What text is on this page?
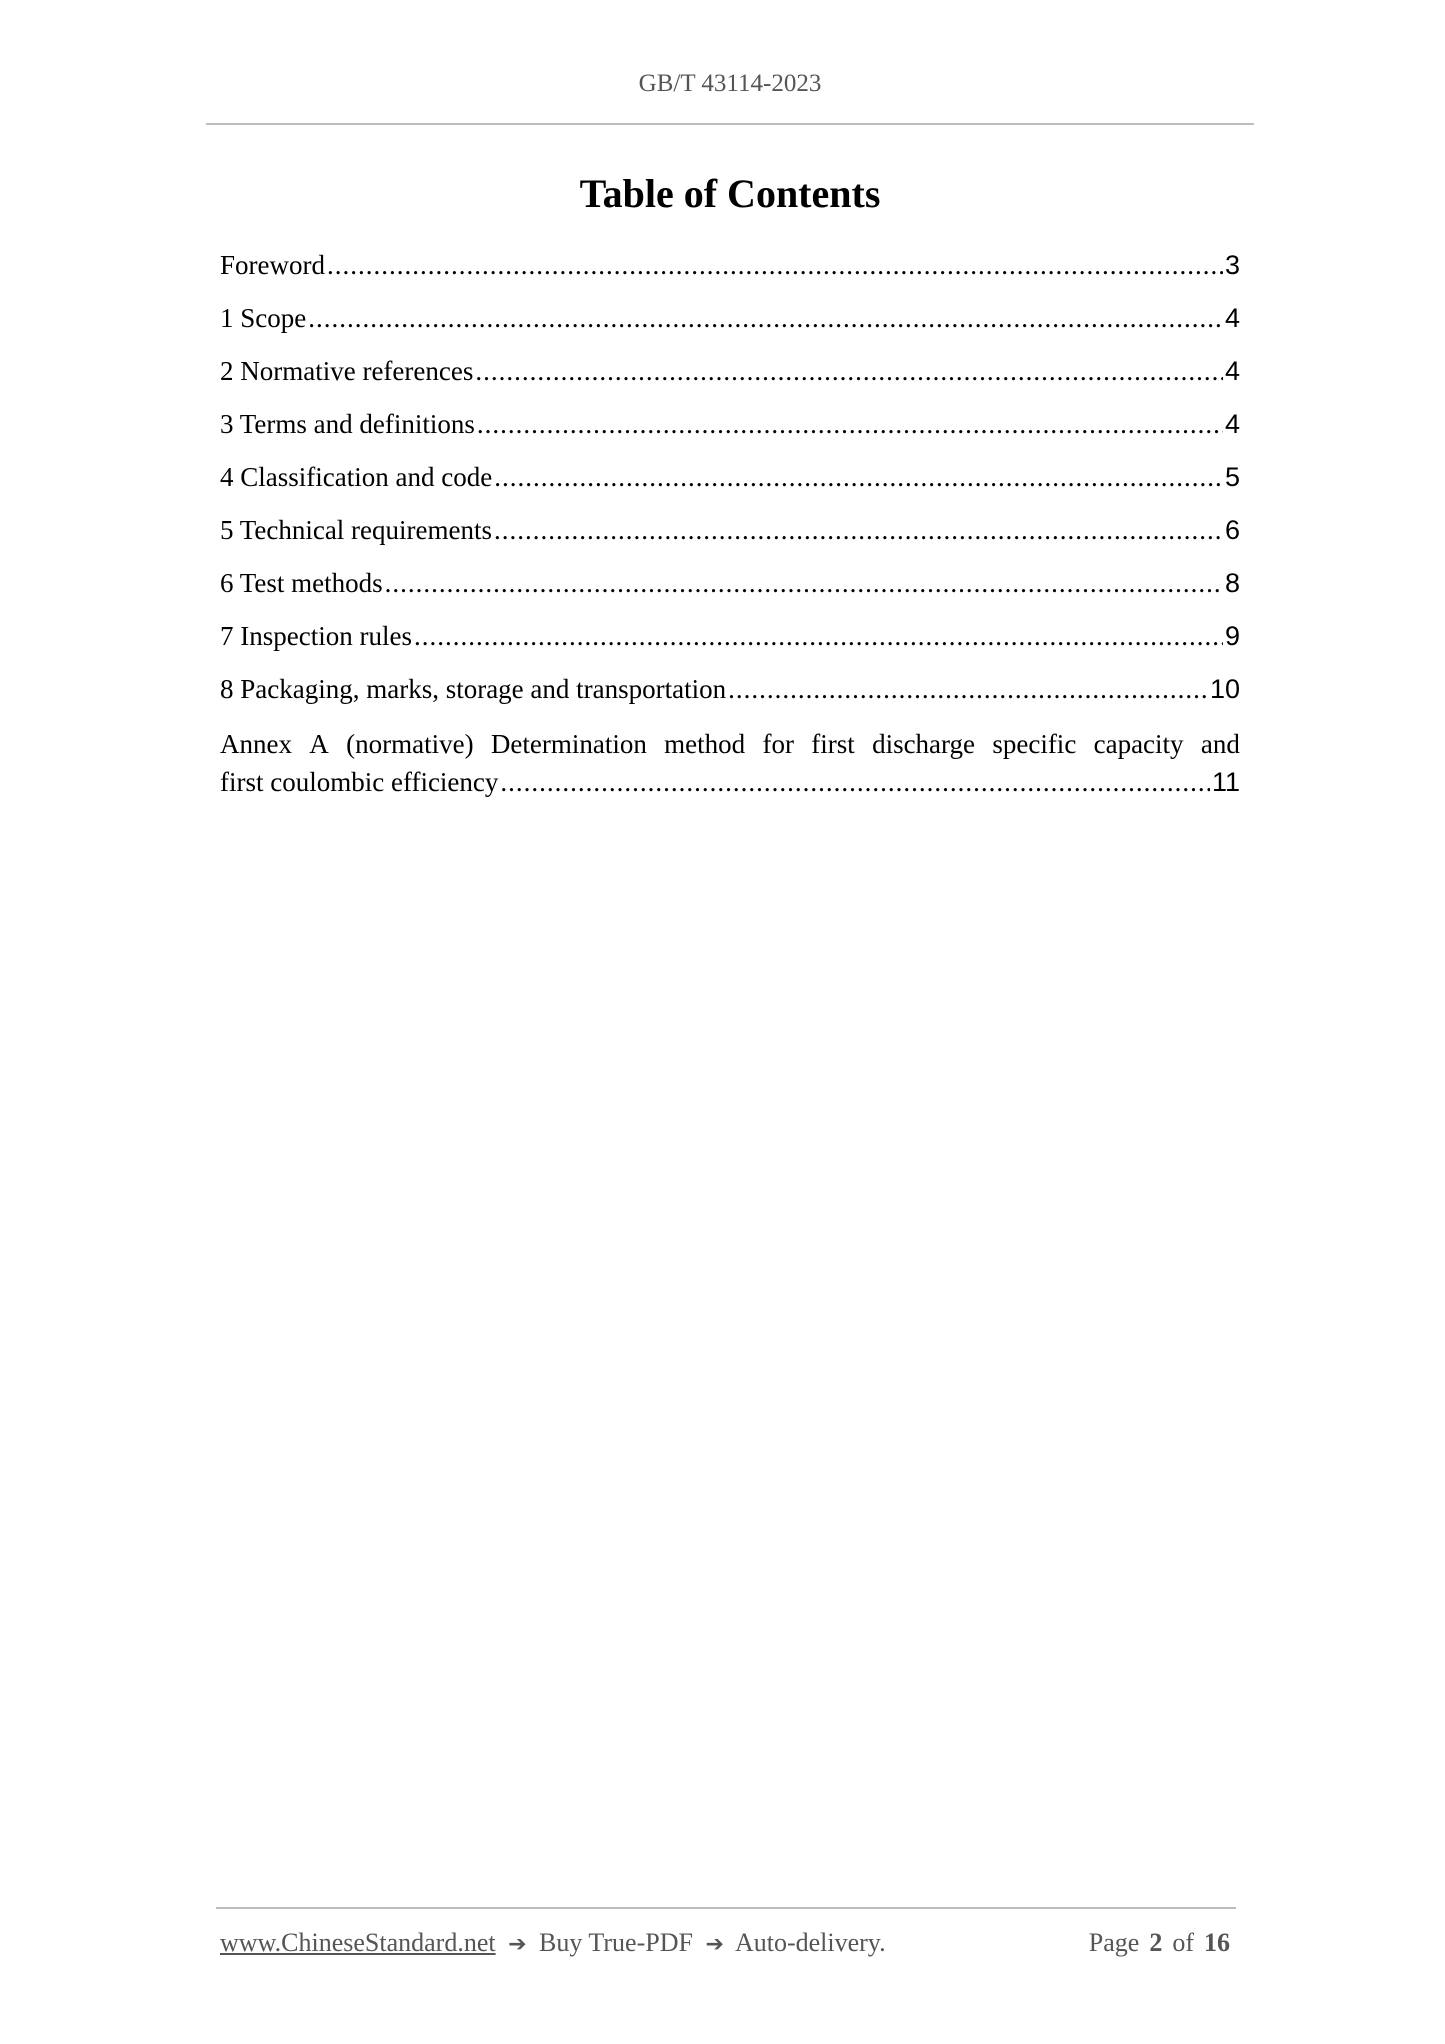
GB/T 43114-2023
Table of Contents
Foreword .....	3
1 Scope .....	4
2 Normative references .....	4
3 Terms and definitions .....	4
4 Classification and code .....	5
5 Technical requirements .....	6
6 Test methods .....	8
7 Inspection rules .....	9
8 Packaging, marks, storage and transportation .....	10
Annex A (normative) Determination method for first discharge specific capacity and
first coulombic efficiency .....	11
www.ChineseStandard.net ➔ Buy True-PDF ➔ Auto-delivery.	Page 2 of 16
